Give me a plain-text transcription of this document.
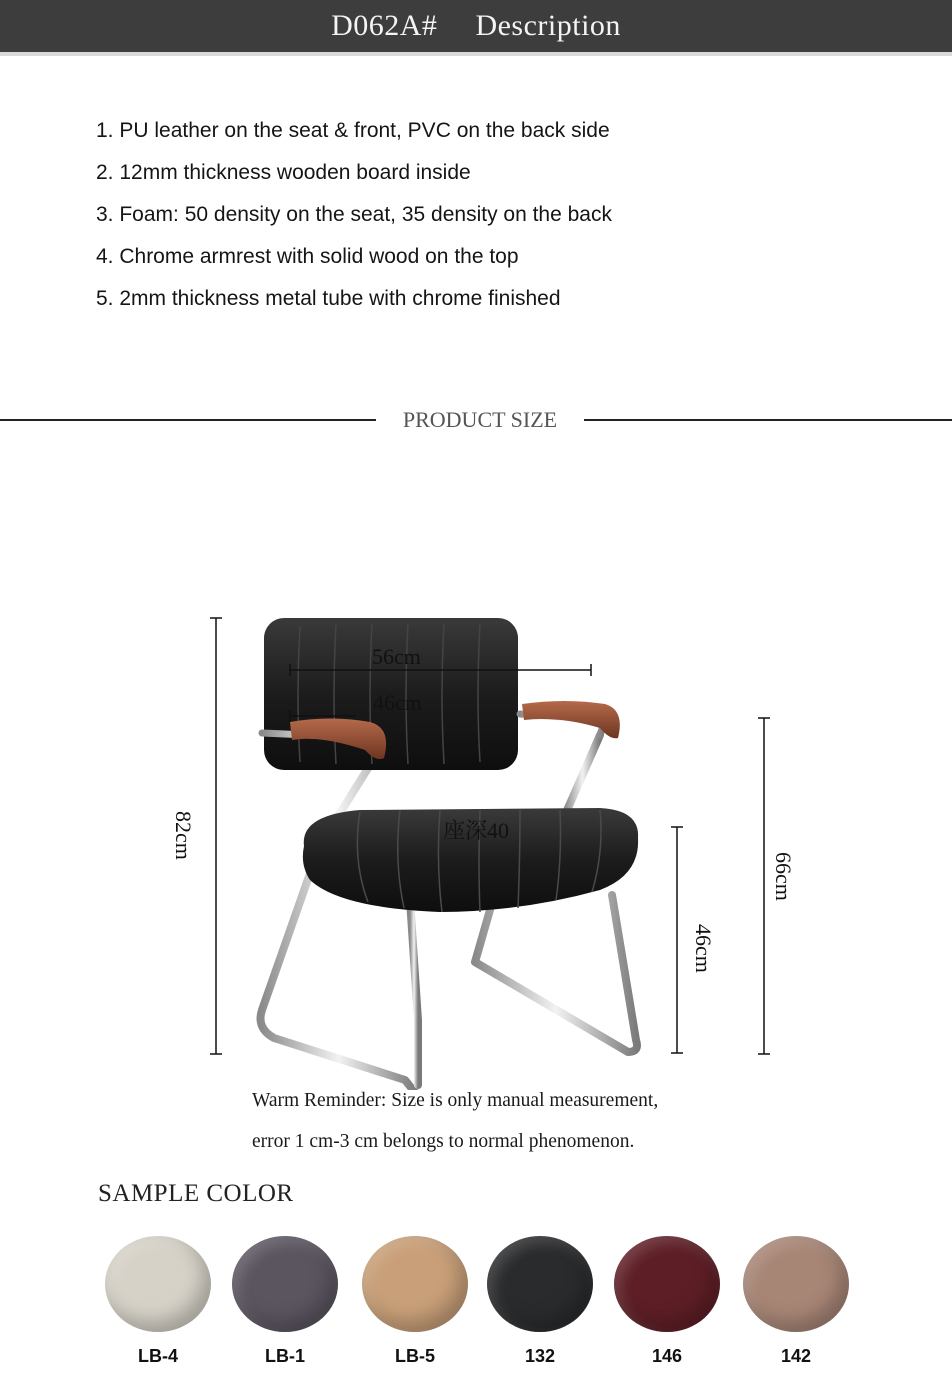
D062A# Description
1. PU leather on the seat & front, PVC on the back side
2. 12mm thickness wooden board inside
3. Foam: 50 density on the seat, 35 density on the back
4. Chrome armrest with solid wood on the top
5. 2mm thickness metal tube with chrome finished
PRODUCT SIZE
56cm
46cm
座深40
82cm
46cm
66cm
Warm Reminder: Size is only manual measurement,
error 1 cm-3 cm belongs to normal phenomenon.
SAMPLE COLOR
LB-4	LB-1	LB-5	132	146	142
